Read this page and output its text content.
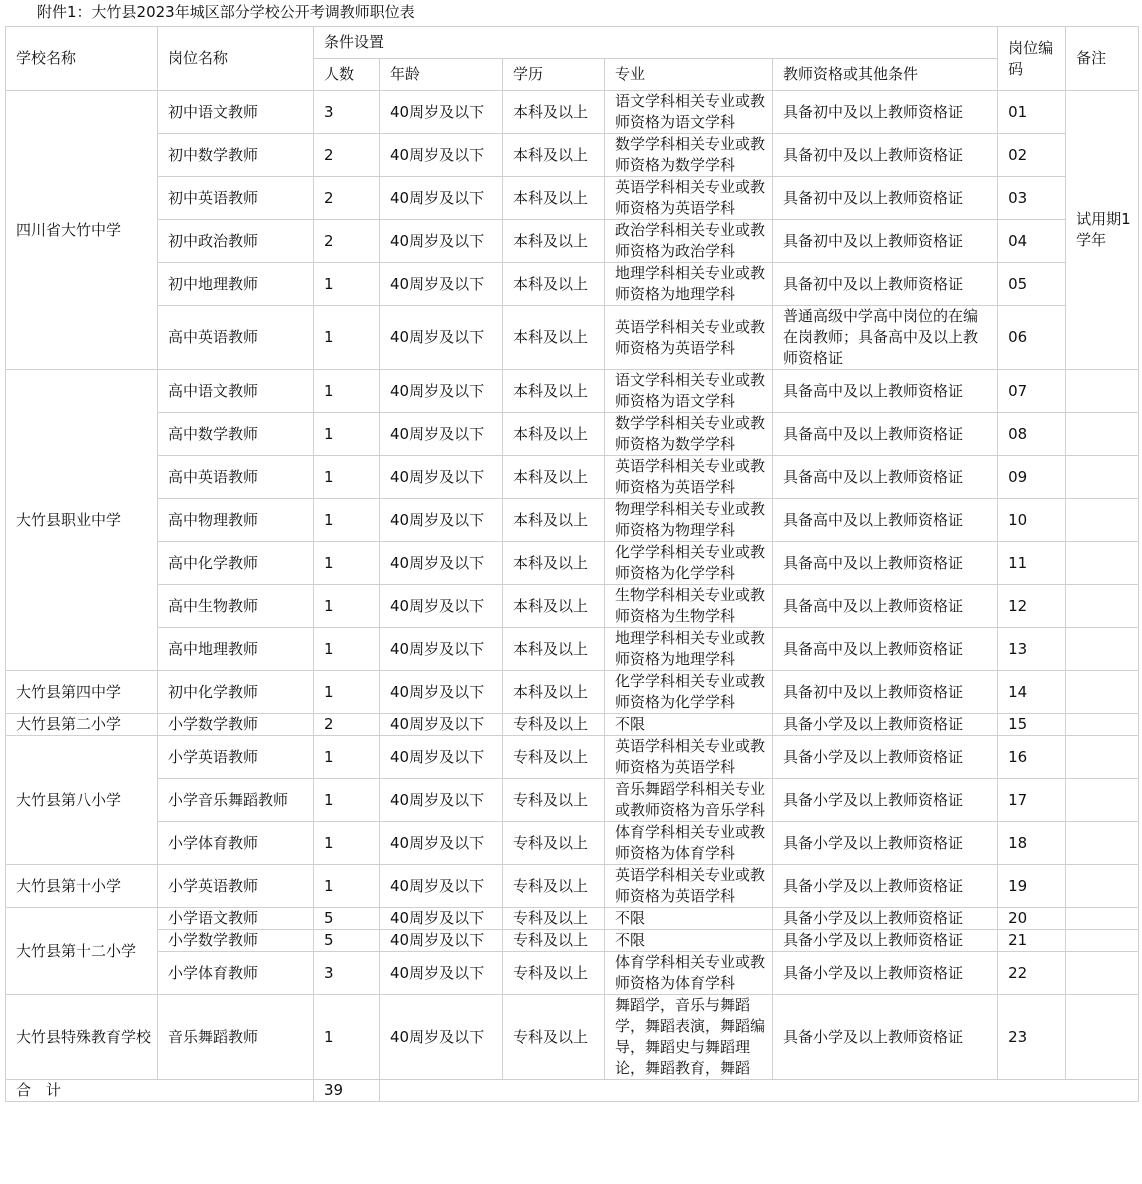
附件1：大竹县2023年城区部分学校公开考调教师职位表
学校名称	岗位名称	条件设置					岗位编码	备注
		人数	年龄	学历	专业	教师资格或其他条件		
四川省大竹中学	初中语文教师	3	40周岁及以下	本科及以上	语文学科相关专业或教师资格为语文学科	具备初中及以上教师资格证	01	试用期1学年
	初中数学教师	2	40周岁及以下	本科及以上	数学学科相关专业或教师资格为数学学科	具备初中及以上教师资格证	02	
	初中英语教师	2	40周岁及以下	本科及以上	英语学科相关专业或教师资格为英语学科	具备初中及以上教师资格证	03	
	初中政治教师	2	40周岁及以下	本科及以上	政治学科相关专业或教师资格为政治学科	具备初中及以上教师资格证	04	
	初中地理教师	1	40周岁及以下	本科及以上	地理学科相关专业或教师资格为地理学科	具备初中及以上教师资格证	05	
	高中英语教师	1	40周岁及以下	本科及以上	英语学科相关专业或教师资格为英语学科	普通高级中学高中岗位的在编在岗教师；具备高中及以上教师资格证	06	
大竹县职业中学	高中语文教师	1	40周岁及以下	本科及以上	语文学科相关专业或教师资格为语文学科	具备高中及以上教师资格证	07	
	高中数学教师	1	40周岁及以下	本科及以上	数学学科相关专业或教师资格为数学学科	具备高中及以上教师资格证	08	
	高中英语教师	1	40周岁及以下	本科及以上	英语学科相关专业或教师资格为英语学科	具备高中及以上教师资格证	09	
	高中物理教师	1	40周岁及以下	本科及以上	物理学科相关专业或教师资格为物理学科	具备高中及以上教师资格证	10	
	高中化学教师	1	40周岁及以下	本科及以上	化学学科相关专业或教师资格为化学学科	具备高中及以上教师资格证	11	
	高中生物教师	1	40周岁及以下	本科及以上	生物学科相关专业或教师资格为生物学科	具备高中及以上教师资格证	12	
	高中地理教师	1	40周岁及以下	本科及以上	地理学科相关专业或教师资格为地理学科	具备高中及以上教师资格证	13	
大竹县第四中学	初中化学教师	1	40周岁及以下	本科及以上	化学学科相关专业或教师资格为化学学科	具备初中及以上教师资格证	14	
大竹县第二小学	小学数学教师	2	40周岁及以下	专科及以上	不限	具备小学及以上教师资格证	15	
大竹县第八小学	小学英语教师	1	40周岁及以下	专科及以上	英语学科相关专业或教师资格为英语学科	具备小学及以上教师资格证	16	
	小学音乐舞蹈教师	1	40周岁及以下	专科及以上	音乐舞蹈学科相关专业或教师资格为音乐学科	具备小学及以上教师资格证	17	
	小学体育教师	1	40周岁及以下	专科及以上	体育学科相关专业或教师资格为体育学科	具备小学及以上教师资格证	18	
大竹县第十小学	小学英语教师	1	40周岁及以下	专科及以上	英语学科相关专业或教师资格为英语学科	具备小学及以上教师资格证	19	
大竹县第十二小学	小学语文教师	5	40周岁及以下	专科及以上	不限	具备小学及以上教师资格证	20	
	小学数学教师	5	40周岁及以下	专科及以上	不限	具备小学及以上教师资格证	21	
	小学体育教师	3	40周岁及以下	专科及以上	体育学科相关专业或教师资格为体育学科	具备小学及以上教师资格证	22	
大竹县特殊教育学校	音乐舞蹈教师	1	40周岁及以下	专科及以上	舞蹈学，音乐与舞蹈学，舞蹈表演，舞蹈编导，舞蹈史与舞蹈理论，舞蹈教育，舞蹈	具备小学及以上教师资格证	23	
合　计		39						
